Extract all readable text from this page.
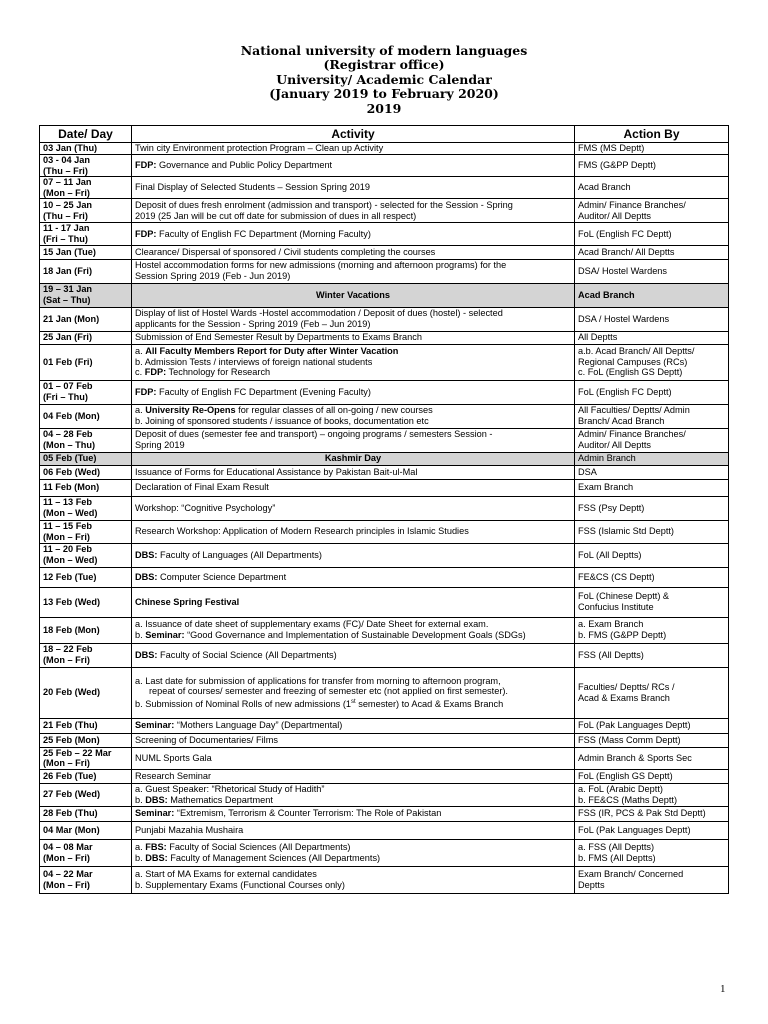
National university of modern languages
(Registrar office)
University/ Academic Calendar
(January 2019 to February 2020)
2019
Date/ Day	Activity	Action By

03 Jan (Thu)	Twin city Environment protection Program – Clean up Activity	FMS (MS Deptt)

03 - 04 Jan
(Thu – Fri)	FDP: Governance and Public Policy Department	FMS (G&PP Deptt)

07 – 11 Jan
(Mon – Fri)	Final Display of Selected Students – Session Spring 2019	Acad Branch

10 – 25 Jan
(Thu – Fri)	Deposit of dues fresh enrolment (admission and transport) - selected for the Session - Spring
2019 (25 Jan will be cut off date for submission of dues in all respect)	Admin/ Finance Branches/
Auditor/ All Deptts

11 - 17 Jan
(Fri – Thu)	FDP: Faculty of English FC Department (Morning Faculty)	FoL (English FC Deptt)

15 Jan (Tue)	Clearance/ Dispersal of sponsored / Civil students completing the courses	Acad Branch/ All Deptts

18 Jan (Fri)	Hostel accommodation forms for new admissions (morning and afternoon programs) for the
Session Spring 2019 (Feb - Jun 2019)	DSA/ Hostel Wardens

19 – 31 Jan
(Sat – Thu)	Winter Vacations	Acad Branch

21 Jan (Mon)	Display of list of Hostel Wards -Hostel accommodation / Deposit of dues (hostel) - selected
applicants for the Session - Spring 2019 (Feb – Jun 2019)	DSA / Hostel Wardens

25 Jan (Fri)	Submission of End Semester Result by Departments to Exams Branch	All Deptts

01 Feb (Fri)	a. All Faculty Members Report for Duty after Winter Vacation
b. Admission Tests / interviews of foreign national students
c. FDP: Technology for Research	a.b. Acad Branch/ All Deptts/
Regional Campuses (RCs)
c. FoL (English GS Deptt)

01 – 07 Feb
(Fri – Thu)	FDP: Faculty of English FC Department (Evening Faculty)	FoL (English FC Deptt)

04 Feb (Mon)	a. University Re-Opens for regular classes of all on-going / new courses
b. Joining of sponsored students / issuance of books, documentation etc	All Faculties/ Deptts/ Admin
Branch/ Acad Branch

04 – 28 Feb
(Mon – Thu)	Deposit of dues (semester fee and transport) – ongoing programs / semesters Session -
Spring 2019	Admin/ Finance Branches/
Auditor/ All Deptts

05 Feb (Tue)	Kashmir Day	Admin Branch

06 Feb (Wed)	Issuance of Forms for Educational Assistance by Pakistan Bait-ul-Mal	DSA

11 Feb (Mon)	Declaration of Final Exam Result	Exam Branch

11 – 13 Feb
(Mon – Wed)	Workshop: “Cognitive Psychology”	FSS (Psy Deptt)

11 – 15 Feb
(Mon – Fri)	Research Workshop: Application of Modern Research principles in Islamic Studies	FSS (Islamic Std Deptt)

11 – 20 Feb
(Mon – Wed)	DBS: Faculty of Languages (All Departments)	FoL (All Deptts)

12 Feb (Tue)	DBS: Computer Science Department	FE&CS (CS Deptt)

13 Feb (Wed)	Chinese Spring Festival	FoL (Chinese Deptt) &
Confucius Institute

18 Feb (Mon)	a. Issuance of date sheet of supplementary exams (FC)/ Date Sheet for external exam.
b. Seminar: “Good Governance and Implementation of Sustainable Development Goals (SDGs)	a. Exam Branch
b. FMS (G&PP Deptt)

18 – 22 Feb
(Mon – Fri)	DBS: Faculty of Social Science (All Departments)	FSS (All Deptts)

20 Feb (Wed)	a. Last date for submission of applications for transfer from morning to afternoon program,
repeat of courses/ semester and freezing of semester etc (not applied on first semester).
b. Submission of Nominal Rolls of new admissions (1st semester) to Acad & Exams Branch	Faculties/ Deptts/ RCs /
Acad & Exams Branch

21 Feb (Thu)	Seminar: “Mothers Language Day” (Departmental)	FoL (Pak Languages Deptt)

25 Feb (Mon)	Screening of Documentaries/ Films	FSS (Mass Comm Deptt)

25 Feb – 22 Mar
(Mon – Fri)	NUML Sports Gala	Admin Branch & Sports Sec

26 Feb (Tue)	Research Seminar	FoL (English GS Deptt)

27 Feb (Wed)	a. Guest Speaker: “Rhetorical Study of Hadith”
b. DBS: Mathematics Department	a. FoL (Arabic Deptt)
b. FE&CS (Maths Deptt)

28 Feb (Thu)	Seminar: “Extremism, Terrorism & Counter Terrorism: The Role of Pakistan	FSS (IR, PCS & Pak Std Deptt)

04 Mar (Mon)	Punjabi Mazahia Mushaira	FoL (Pak Languages Deptt)

04 – 08 Mar
(Mon – Fri)	a. FBS: Faculty of Social Sciences (All Departments)
b. DBS: Faculty of Management Sciences (All Departments)	a. FSS (All Deptts)
b. FMS (All Deptts)

04 – 22 Mar
(Mon – Fri)	a. Start of MA Exams for external candidates
b. Supplementary Exams (Functional Courses only)	Exam Branch/ Concerned
Deptts
1
